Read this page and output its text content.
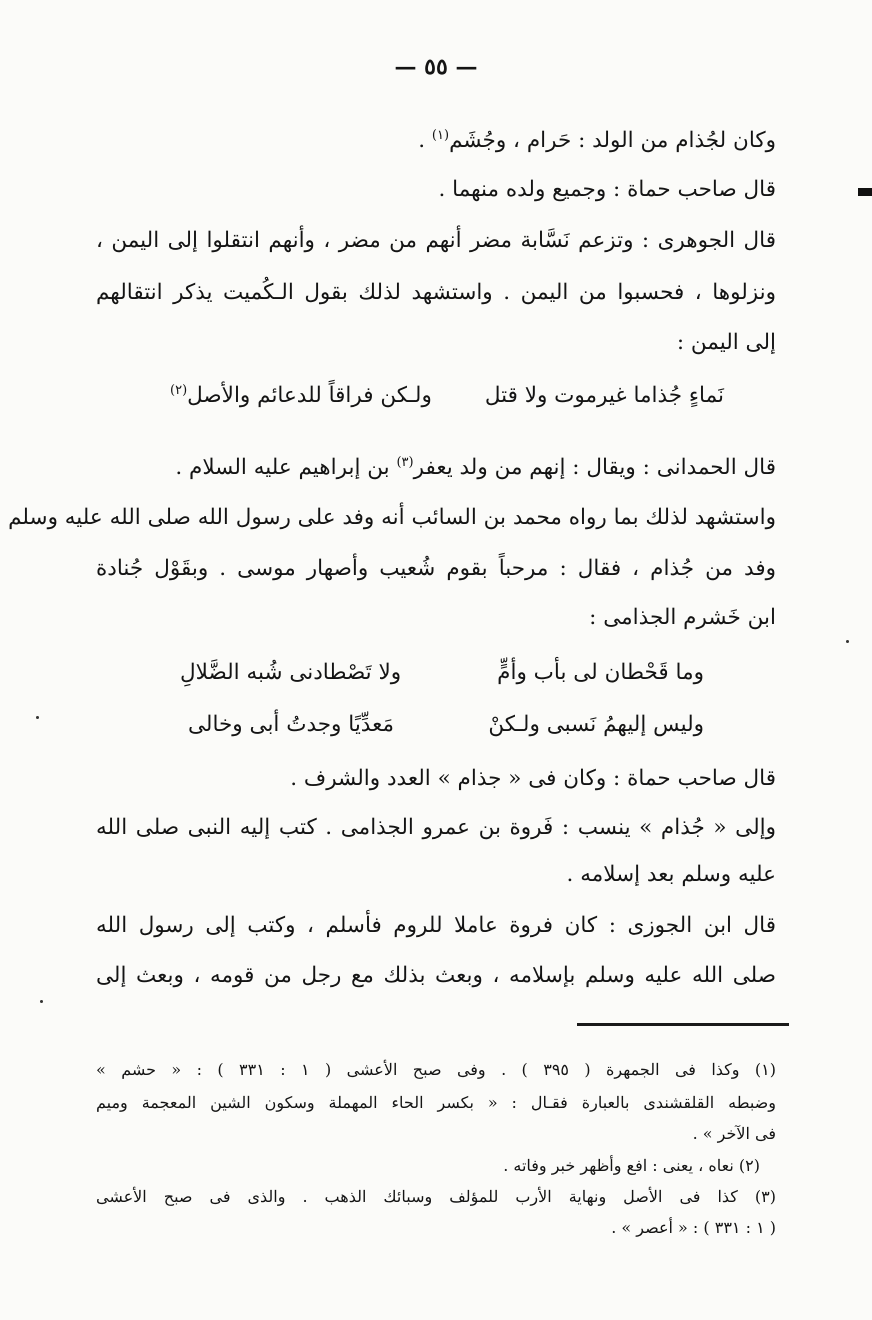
— ٥٥ —
وكان لجُذام من الولد : حَرام ، وجُشَم$^{(١)}$ .
قال صاحب حماة : وجميع ولده منهما .
قال الجوهرى : وتزعم نَسَّابة مضر أنهم من مضر ، وأنهم انتقلوا إلى اليمن ،
ونزلوها ، فحسبوا من اليمن . واستشهد لذلك بقول الـكُميت يذكر انتقالهم
إلى اليمن :
نَماءٍ جُذاما غيرموت ولا قتل
ولـكن فراقاً للدعائم والأصل$^{(٢)}$
قال الحمدانى : ويقال : إنهم من ولد يعفر$^{(٣)}$ بن إبراهيم عليه السلام .
واستشهد لذلك بما رواه محمد بن السائب أنه وفد على رسول الله صلى الله عليه وسلم
وفد من جُذام ، فقال : مرحباً بقوم شُعيب وأصهار موسى . وبقَوْل جُنادة
ابن خَشرم الجذامى :
وما قَحْطان لى بأب وأمٍّ
ولا تَصْطادنى شُبه الضَّلالِ
وليس إليهمُ نَسبى ولـكنْ
مَعدِّيًا وجدتُ أبى وخالى
قال صاحب حماة : وكان فى « جذام » العدد والشرف .
وإلى « جُذام » ينسب : فَروة بن عمرو الجذامى . كتب إليه النبى صلى الله
عليه وسلم بعد إسلامه .
قال ابن الجوزى : كان فروة عاملا للروم فأسلم ، وكتب إلى رسول الله
صلى الله عليه وسلم بإسلامه ، وبعث بذلك مع رجل من قومه ، وبعث إلى
(١) وكذا فى الجمهرة ( ٣٩٥ ) . وفى صبح الأعشى ( ١ : ٣٣١ ) : « حشم »
وضبطه القلقشندى بالعبارة فقـال : « بكسر الحاء المهملة وسكون الشين المعجمة وميم
فى الآخر » .
(٢) نعاه ، يعنى : افع وأظهر خبر وفاته .
(٣) كذا فى الأصل ونهاية الأرب للمؤلف وسبائك الذهب . والذى فى صبح الأعشى
( ١ : ٣٣١ ) : « أعصر » .
